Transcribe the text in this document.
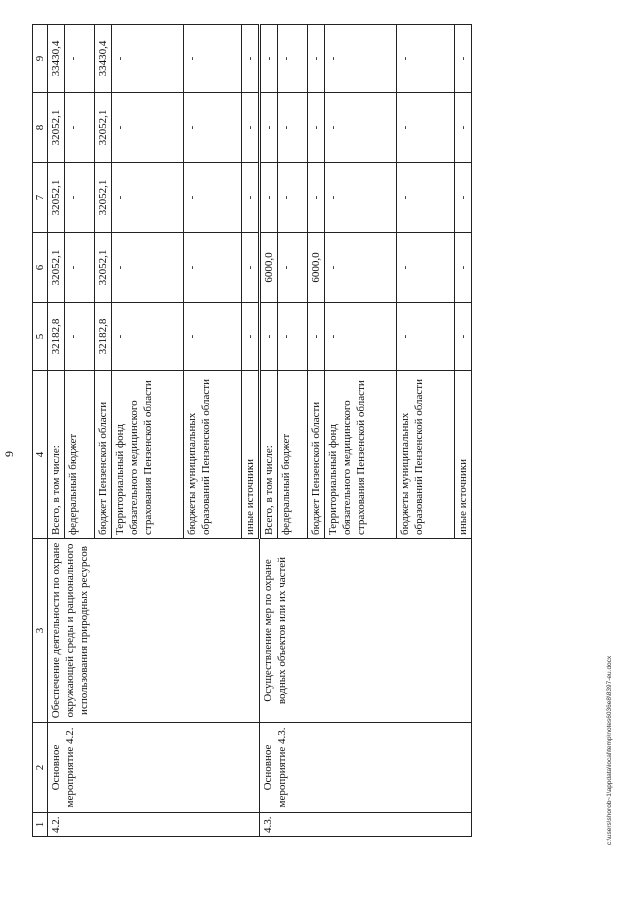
9
1	2	3	4	5	6	7	8	9
4.2.	Основное мероприятие 4.2.	Обеспечение деятельности по охране окружающей среды и рационального использования природных ресурсов	Всего, в том числе:	32182,8	32052,1	32052,1	32052,1	33430,4
			федеральный бюджет	-	-	-	-	-
			бюджет Пензенской области	32182,8	32052,1	32052,1	32052,1	33430,4
			Территориальный фонд обязательного медицинского страхования Пензенской области	-	-	-	-	-
			бюджеты муниципальных образований Пензенской области	-	-	-	-	-
			иные источники	-	-	-	-	-
4.3.	Основное мероприятие 4.3.	Осуществление мер по охране водных объектов или их частей	Всего, в том числе:	-	6000,0	-	-	-
			федеральный бюджет	-	-	-	-	-
			бюджет Пензенской области	-	6000,0	-	-	-
			Территориальный фонд обязательного медицинского страхования Пензенской области	-	-	-	-	-
			бюджеты муниципальных образований Пензенской области	-	-	-	-	-
			иные источники	-	-	-	-	-
c:\users\shorob~1\appdata\local\temp\notes6036e8\8397-eu.docx
